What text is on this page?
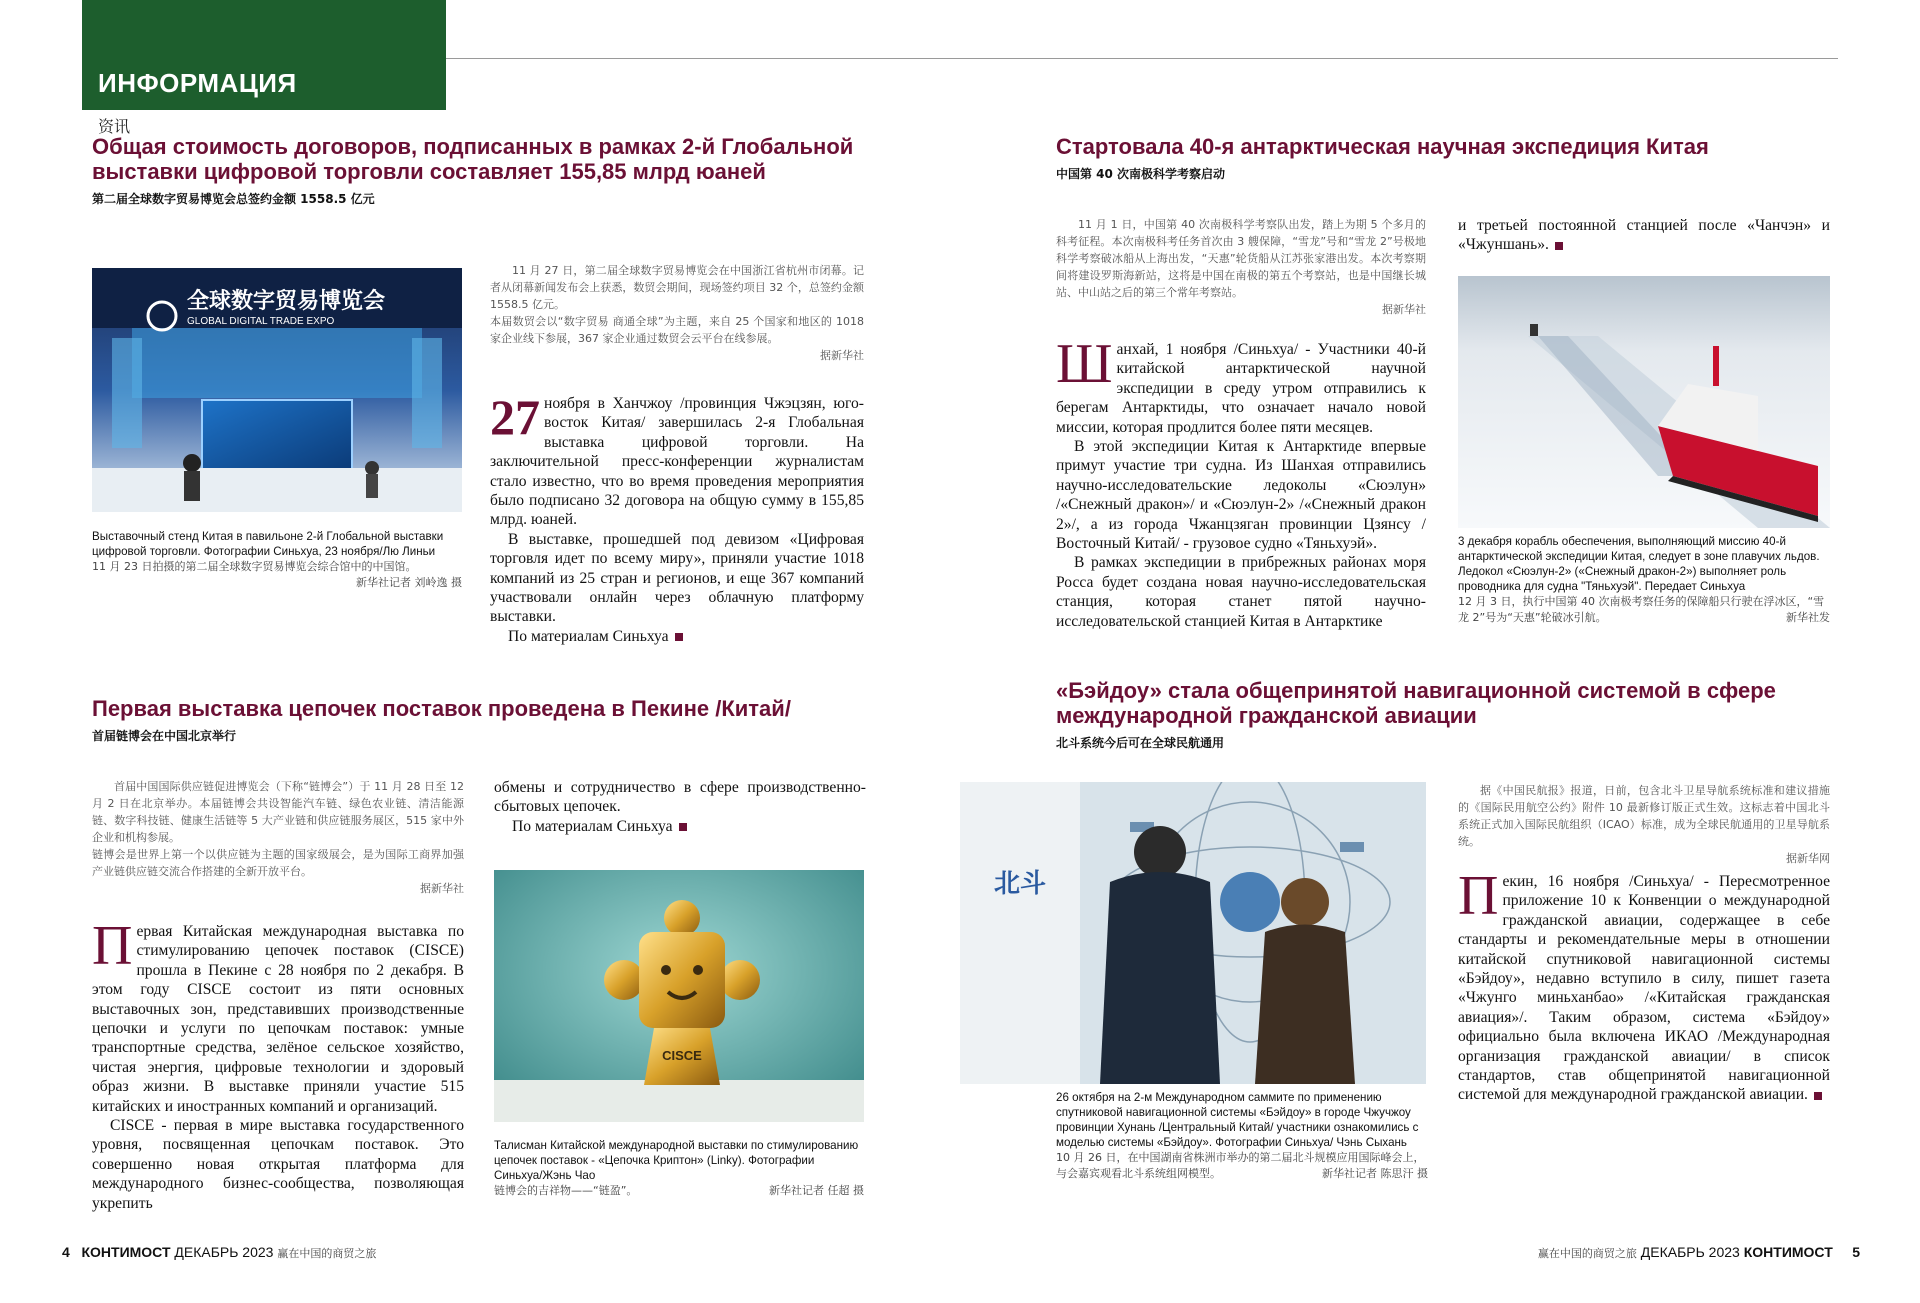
ИНФОРМАЦИЯ
资讯
Общая стоимость договоров, подписанных в рамках 2-й Глобальной выставки цифровой торговли составляет 155,85 млрд юаней
第二届全球数字贸易博览会总签约金额 1558.5 亿元
全球数字贸易博览会
GLOBAL DIGITAL TRADE EXPO

Выставочный стенд Китая в павильоне 2-й Глобальной выставки цифровой торговли. Фотографии Синьхуа, 23 ноября/Лю Линьи

11 月 23 日拍摄的第二届全球数字贸易博览会综合馆中的中国馆。

新华社记者 刘岭逸 摄

11 月 27 日，第二届全球数字贸易博览会在中国浙江省杭州市闭幕。记者从闭幕新闻发布会上获悉，数贸会期间，现场签约项目 32 个，总签约金额 1558.5 亿元。
本届数贸会以“数字贸易 商通全球”为主题，来自 25 个国家和地区的 1018 家企业线下参展，367 家企业通过数贸会云平台在线参展。

据新华社

27 ноября в Ханчжоу /провинция Чжэцзян, юго-восток Китая/ завершилась 2-я Глобальная выставка цифровой торговли. На заключительной пресс-конференции журналистам стало известно, что во время проведения мероприятия было подписано 32 договора на общую сумму в 155,85 млрд. юаней.

В выставке, прошедшей под девизом «Цифровая торговля идет по всему миру», приняли участие 1018 компаний из 25 стран и регионов, и еще 367 компаний участвовали онлайн через облачную платформу выставки.

По материалам Синьхуа

Первая выставка цепочек поставок проведена в Пекине /Китай/
首届链博会在中国北京举行

首届中国国际供应链促进博览会（下称“链博会”）于 11 月 28 日至 12 月 2 日在北京举办。本届链博会共设智能汽车链、绿色农业链、清洁能源链、数字科技链、健康生活链等 5 大产业链和供应链服务展区，515 家中外企业和机构参展。
链博会是世界上第一个以供应链为主题的国家级展会，是为国际工商界加强产业链供应链交流合作搭建的全新开放平台。

据新华社

Первая Китайская международная выставка по стимулированию цепочек поставок (CISCE) прошла в Пекине с 28 ноября по 2 декабря. В этом году CISCE состоит из пяти основных выставочных зон, представивших производственные цепочки и услуги по цепочкам поставок: умные транспортные средства, зелёное сельское хозяйство, чистая энергия, цифровые технологии и здоровый образ жизни. В выставке приняли участие 515 китайских и иностранных компаний и организаций.

CISCE - первая в мире выставка государственного уровня, посвященная цепочкам поставок. Это совершенно новая открытая платформа для международного бизнес-сообщества, позволяющая укрепить

обмены и сотрудничество в сфере производственно-сбытовых цепочек.

По материалам Синьхуа

CISCE

Талисман Китайской международной выставки по стимулированию цепочек поставок - «Цепочка Криптон» (Linky). Фотографии Синьхуа/Жэнь Чао

链博会的吉祥物——“链盈”。	新华社记者 任超 摄
Стартовала 40-я антарктическая научная экспедиция Китая
中国第 40 次南极科学考察启动

11 月 1 日，中国第 40 次南极科学考察队出发，踏上为期 5 个多月的科考征程。本次南极科考任务首次由 3 艘保障，“雪龙”号和“雪龙 2”号极地科学考察破冰船从上海出发，“天惠”轮货船从江苏张家港出发。本次考察期间将建设罗斯海新站，这将是中国在南极的第五个考察站，也是中国继长城站、中山站之后的第三个常年考察站。

据新华社

Шанхай, 1 ноября /Синьхуа/ - Участники 40-й китайской антарктической научной экспедиции в среду утром отправились к берегам Антарктиды, что означает начало новой миссии, которая продлится более пяти месяцев.

В этой экспедиции Китая к Антарктиде впервые примут участие три судна. Из Шанхая отправились научно-исследовательские ледоколы «Сюэлун» /«Снежный дракон»/ и «Сюэлун-2» /«Снежный дракон 2»/, а из города Чжанцзяган провинции Цзянсу / Восточный Китай/ - грузовое судно «Тяньхуэй».

В рамках экспедиции в прибрежных районах моря Росса будет создана новая научно-исследовательская станция, которая станет пятой научно-исследовательской станцией Китая в Антарктике

и третьей постоянной станцией после «Чанчэн» и «Чжуншань».

3 декабря корабль обеспечения, выполняющий миссию 40-й антарктической экспедиции Китая, следует в зоне плавучих льдов. Ледокол «Сюэлун-2» («Снежный дракон-2») выполняет роль проводника для судна "Тяньхуэй". Передает Синьхуа

12 月 3 日，执行中国第 40 次南极考察任务的保障船只行驶在浮冰区，“雪龙 2”号为“天惠”轮破冰引航。	新华社发
«Бэйдоу» стала общепринятой навигационной системой в сфере международной гражданской авиации
北斗系统今后可在全球民航通用
北斗

26 октября на 2-м Международном саммите по применению спутниковой навигационной системы «Бэйдоу» в городе Чжучжоу провинции Хунань /Центральный Китай/ участники ознакомились с моделью системы «Бэйдоу». Фотографии Синьхуа/ Чэнь Сыхань

10 月 26 日，在中国湖南省株洲市举办的第二届北斗规模应用国际峰会上，与会嘉宾观看北斗系统组网模型。	新华社记者 陈思汗 摄

据《中国民航报》报道，日前，包含北斗卫星导航系统标准和建议措施的《国际民用航空公约》附件 10 最新修订版正式生效。这标志着中国北斗系统正式加入国际民航组织（ICAO）标准，成为全球民航通用的卫星导航系统。

据新华网

Пекин, 16 ноября /Синьхуа/ - Пересмотренное приложение 10 к Конвенции о международной гражданской авиации, содержащее в себе стандарты и рекомендательные меры в отношении китайской спутниковой навигационной системы «Бэйдоу», недавно вступило в силу, пишет газета «Чжунго миньханбао» /«Китайская гражданская авиация»/. Таким образом, система «Бэйдоу» официально была включена ИКАО /Международная организация гражданской авиации/ в список стандартов, став общепринятой навигационной системой для международной гражданской авиации.

4 КОНТИМОСТ ДЕКАБРЬ 2023 赢在中国的商贸之旅	赢在中国的商贸之旅 ДЕКАБРЬ 2023 КОНТИМОСТ 5
